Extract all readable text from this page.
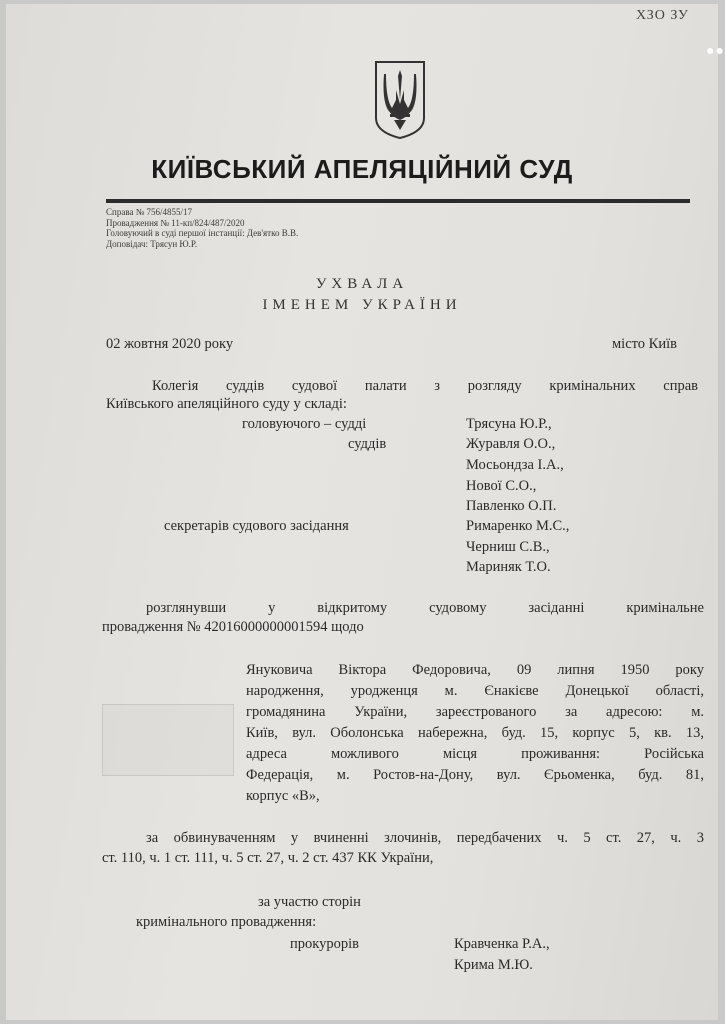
ХЗО ЗУ
●●
КИЇВСЬКИЙ АПЕЛЯЦІЙНИЙ СУД
Справа № 756/4855/17
Провадження № 11-кп/824/487/2020
Головуючий в суді першої інстанції: Дев'ятко В.В.
Доповідач: Трясун Ю.Р.
УХВАЛА
ІМЕНЕМ УКРАЇНИ
02 жовтня 2020 року	місто Київ
Колегія суддів судової палати з розгляду кримінальних справ
Київського апеляційного суду у складі:
головуючого – судді	Трясуна Ю.Р.,
суддів	Журавля О.О.,
Мосьондза І.А.,
Нової С.О.,
Павленко О.П.
секретарів судового засідання	Римаренко М.С.,
Черниш С.В.,
Мариняк Т.О.
розглянувши у відкритому судовому засіданні кримінальне
провадження № 42016000000001594 щодо
Януковича Віктора Федоровича, 09 липня 1950 року
народження, уродженця м. Єнакієве Донецької області,
громадянина України, зареєстрованого за адресою: м.
Київ, вул. Оболонська набережна, буд. 15, корпус 5, кв. 13,
адреса можливого місця проживання: Російська
Федерація, м. Ростов-на-Дону, вул. Єрьоменка, буд. 81,
корпус «В»,
за обвинуваченням у вчиненні злочинів, передбачених ч. 5 ст. 27, ч. 3
ст. 110, ч. 1 ст. 111, ч. 5 ст. 27, ч. 2 ст. 437 КК України,
за участю сторін
кримінального провадження:
прокурорів	Кравченка Р.А.,
Крима М.Ю.
